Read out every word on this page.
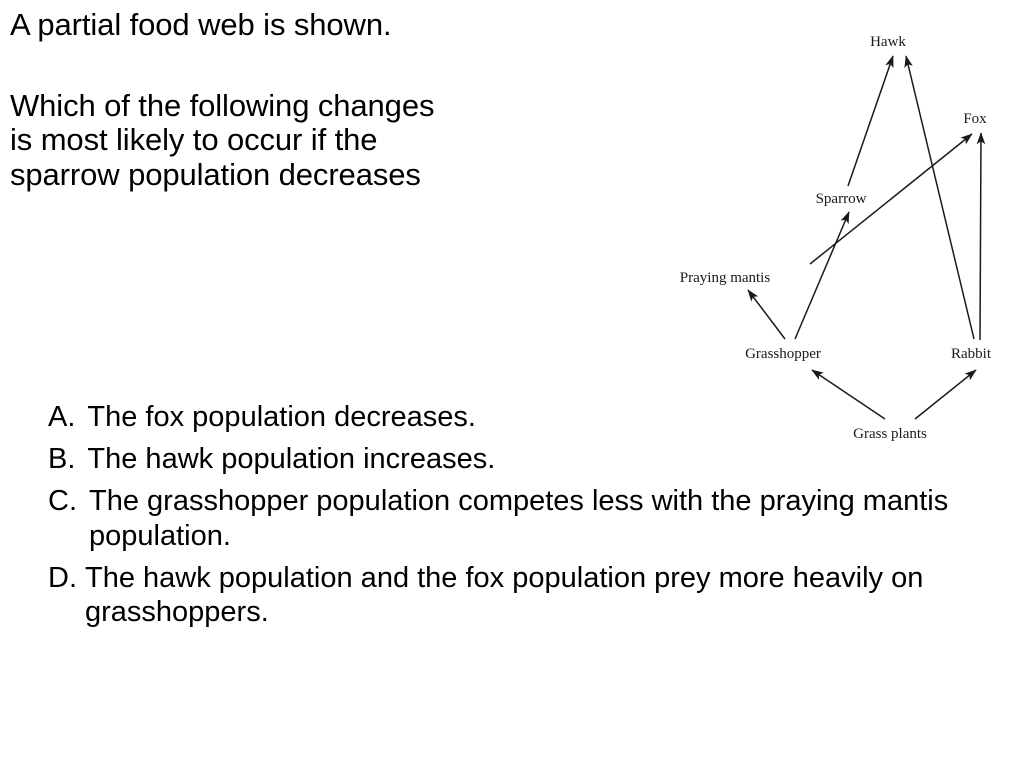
A partial food web is shown.
Which of the following changes
is most likely to occur if the
sparrow population decreases
A. The fox population decreases.
B. The hawk population increases.
C. The grasshopper population competes less with the praying mantis population.
D. The hawk population and the fox population prey more heavily on grasshoppers.
Hawk
Fox
Sparrow
Praying mantis
Grasshopper	Rabbit
Grass plants
